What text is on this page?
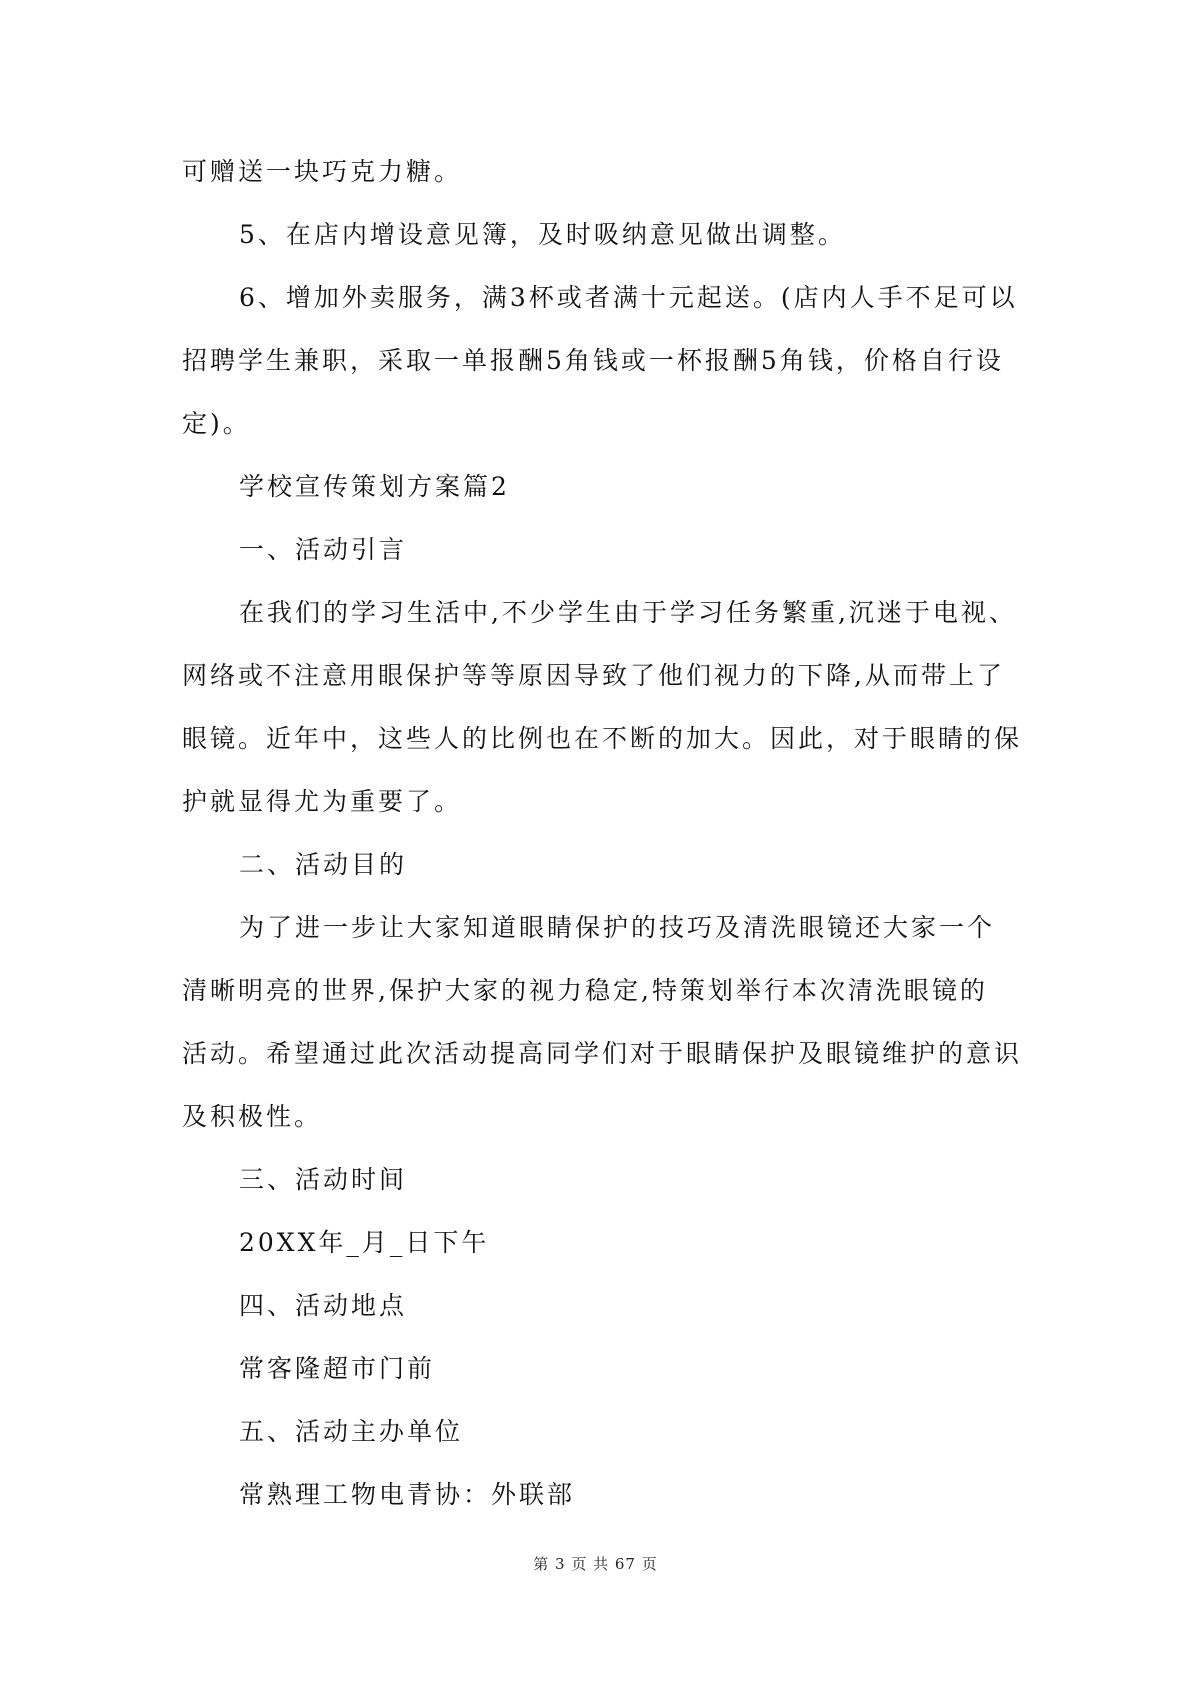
可赠送一块巧克力糖。
5、在店内增设意见簿，及时吸纳意见做出调整。
6、增加外卖服务，满3杯或者满十元起送。(店内人手不足可以
招聘学生兼职，采取一单报酬5角钱或一杯报酬5角钱，价格自行设
定)。
学校宣传策划方案篇2
一、活动引言
在我们的学习生活中,不少学生由于学习任务繁重,沉迷于电视、
网络或不注意用眼保护等等原因导致了他们视力的下降,从而带上了
眼镜。近年中，这些人的比例也在不断的加大。因此，对于眼睛的保
护就显得尤为重要了。
二、活动目的
为了进一步让大家知道眼睛保护的技巧及清洗眼镜还大家一个
清晰明亮的世界,保护大家的视力稳定,特策划举行本次清洗眼镜的
活动。希望通过此次活动提高同学们对于眼睛保护及眼镜维护的意识
及积极性。
三、活动时间
20XX年_月_日下午
四、活动地点
常客隆超市门前
五、活动主办单位
常熟理工物电青协：外联部
第 3 页 共 67 页
